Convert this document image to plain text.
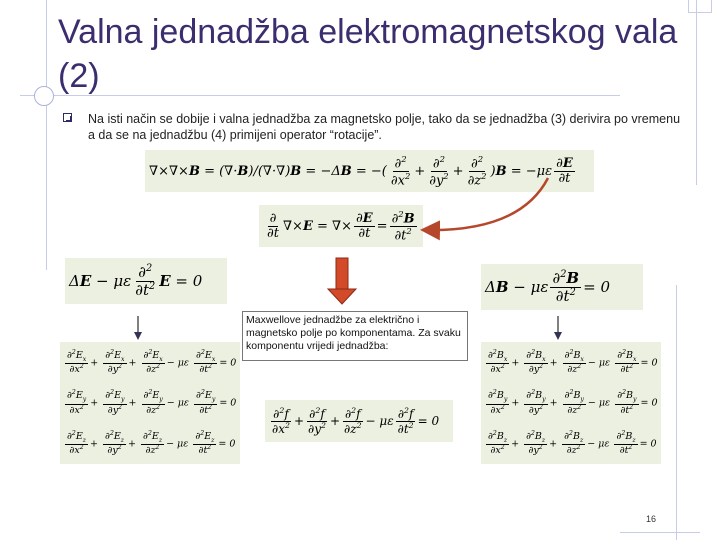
Valna jednadžba elektromagnetskog vala (2)
Na isti način se dobije i valna jednadžba za magnetsko polje, tako da se jednadžba (3) derivira po vremenu a da se na jednadžbu (4) primijeni operator “rotacije”.
∇×∇×B = (∇·B)/(∇·∇)B = −ΔB = −( $\frac{\partial^2}{\partial x^2} + \frac{\partial^2}{\partial y^2} + \frac{\partial^2}{\partial z^2} )B = -\mu\varepsilon \frac{\partial E}{\partial t}$
$\frac{\partial}{\partial t} \nabla\times E$ = ∇× $\frac{\partial E}{\partial t} = \frac{\partial^2B}{\partial t^2}$
ΔE − με $\frac{\partial^2}{\partial t^2}$ E = 0	ΔB − με $\frac{\partial^2B}{\partial t^2} = 0$
Maxwellove jednadžbe za električno i magnetsko polje po komponentama. Za svaku komponentu vrijedi jednadžba:
$\frac{\partial^2E_x}{\partial x^2} + \frac{\partial^2E_x}{\partial y^2} + \frac{\partial^2E_x}{\partial z^2} - \mu\varepsilon \frac{\partial^2E_x}{\partial t^2} = 0$
$\frac{\partial^2E_y}{\partial x^2} + \frac{\partial^2E_y}{\partial y^2} + \frac{\partial^2E_y}{\partial z^2} - \mu\varepsilon \frac{\partial^2E_y}{\partial t^2} = 0$
$\frac{\partial^2E_z}{\partial x^2} + \frac{\partial^2E_z}{\partial y^2} + \frac{\partial^2E_z}{\partial z^2} - \mu\varepsilon \frac{\partial^2E_z}{\partial t^2} = 0$
$\frac{\partial^2f}{\partial x^2} + \frac{\partial^2f}{\partial y^2} + \frac{\partial^2f}{\partial z^2} - \mu\varepsilon \frac{\partial^2f}{\partial t^2} = 0$
$\frac{\partial^2B_x}{\partial x^2} + \frac{\partial^2B_x}{\partial y^2} + \frac{\partial^2B_x}{\partial z^2} - \mu\varepsilon \frac{\partial^2B_x}{\partial t^2} = 0$
$\frac{\partial^2B_y}{\partial x^2} + \frac{\partial^2B_y}{\partial y^2} + \frac{\partial^2B_y}{\partial z^2} - \mu\varepsilon \frac{\partial^2B_y}{\partial t^2} = 0$
$\frac{\partial^2B_z}{\partial x^2} + \frac{\partial^2B_z}{\partial y^2} + \frac{\partial^2B_z}{\partial z^2} - \mu\varepsilon \frac{\partial^2B_z}{\partial t^2} = 0$
16
